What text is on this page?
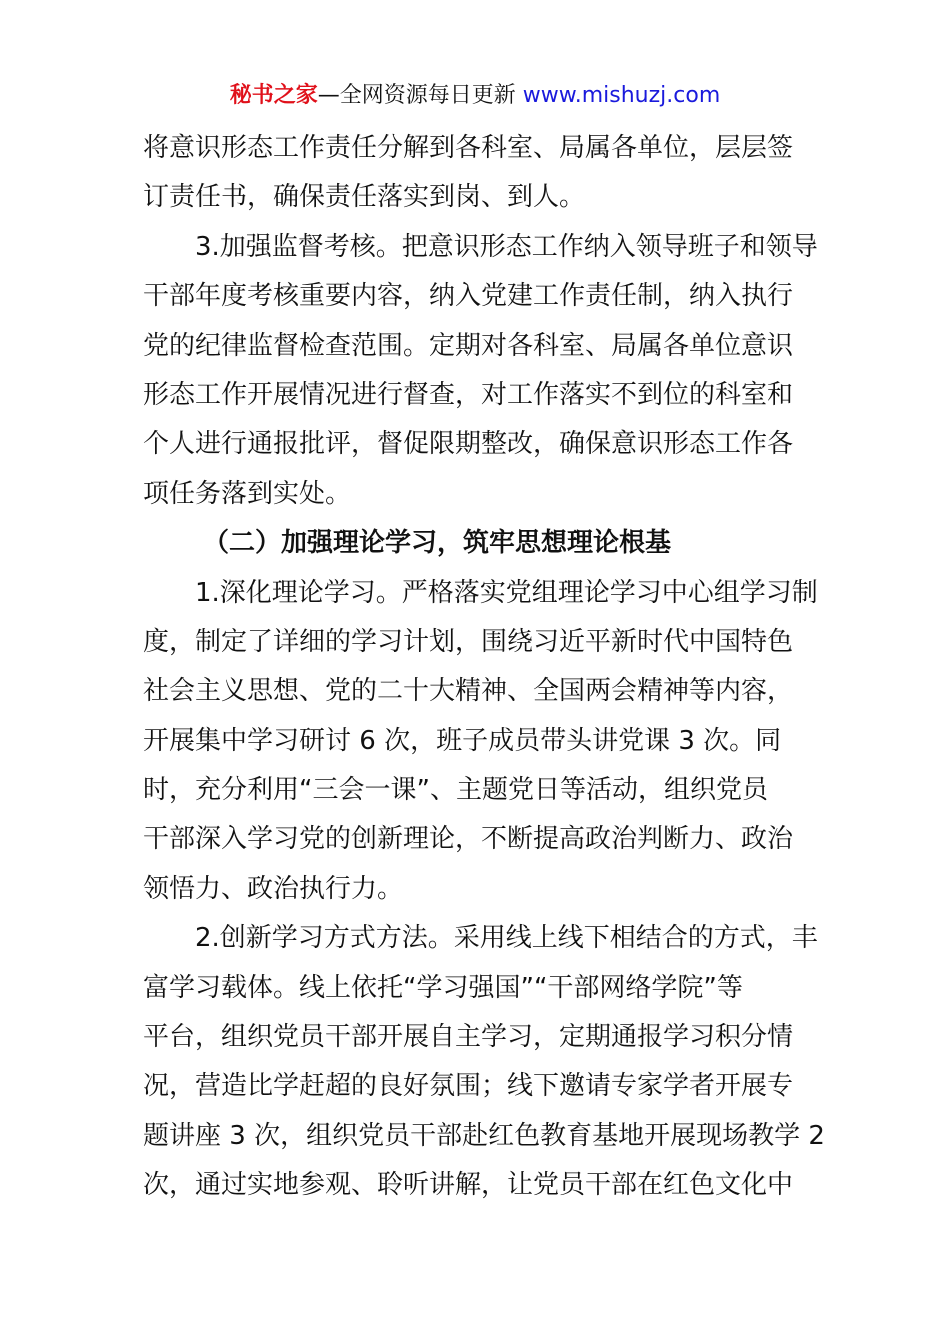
秘书之家—全网资源每日更新 www.mishuzj.com
将意识形态工作责任分解到各科室、局属各单位，层层签
订责任书，确保责任落实到岗、到人。
3.加强监督考核。把意识形态工作纳入领导班子和领导
干部年度考核重要内容，纳入党建工作责任制，纳入执行
党的纪律监督检查范围。定期对各科室、局属各单位意识
形态工作开展情况进行督查，对工作落实不到位的科室和
个人进行通报批评，督促限期整改，确保意识形态工作各
项任务落到实处。
（二）加强理论学习，筑牢思想理论根基
1.深化理论学习。严格落实党组理论学习中心组学习制
度，制定了详细的学习计划，围绕习近平新时代中国特色
社会主义思想、党的二十大精神、全国两会精神等内容，
开展集中学习研讨 6 次，班子成员带头讲党课 3 次。同
时，充分利用“三会一课”、主题党日等活动，组织党员
干部深入学习党的创新理论，不断提高政治判断力、政治
领悟力、政治执行力。
2.创新学习方式方法。采用线上线下相结合的方式，丰
富学习载体。线上依托“学习强国”“干部网络学院”等
平台，组织党员干部开展自主学习，定期通报学习积分情
况，营造比学赶超的良好氛围；线下邀请专家学者开展专
题讲座 3 次，组织党员干部赴红色教育基地开展现场教学 2
次，通过实地参观、聆听讲解，让党员干部在红色文化中
